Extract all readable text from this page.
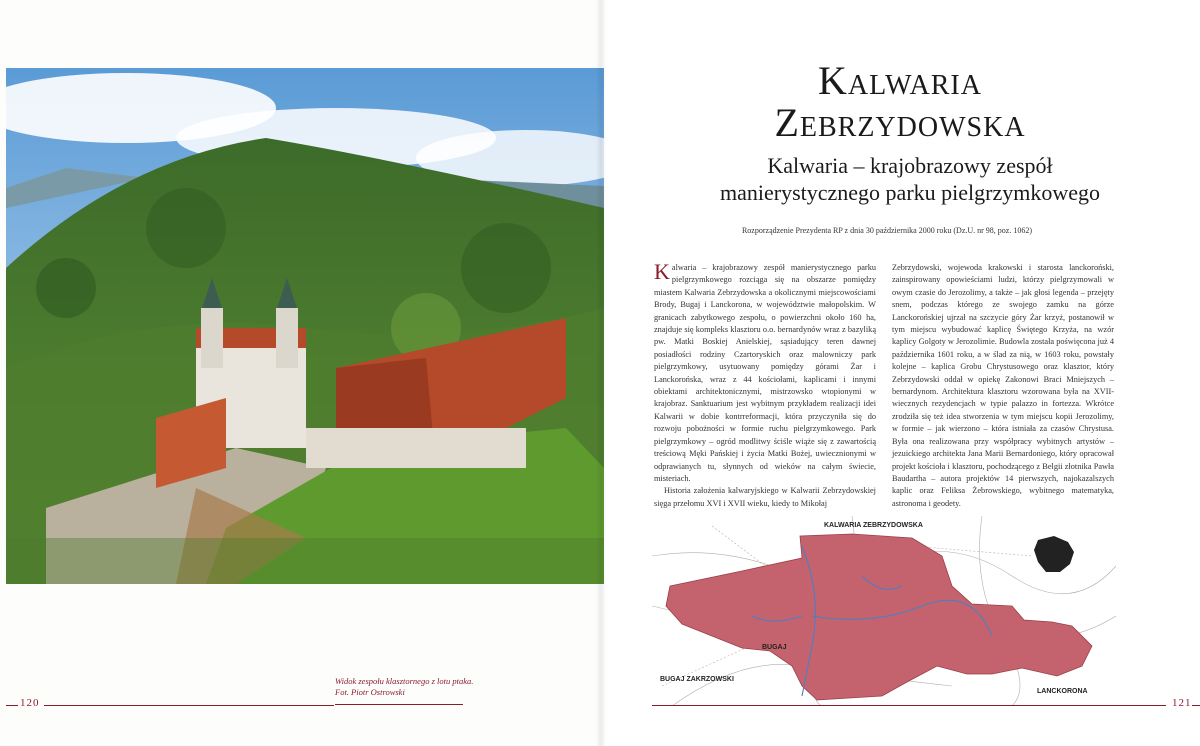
Widok zespołu klasztornego z lotu ptaka.
Fot. Piotr Ostrowski
120
Kalwaria
Zebrzydowska
Kalwaria – krajobrazowy zespół
manierystycznego parku pielgrzymkowego
Rozporządzenie Prezydenta RP z dnia 30 października 2000 roku (Dz.U. nr 98, poz. 1062)

Kalwaria – krajobrazowy zespół manierystycznego parku pielgrzymkowego rozciąga się na obszarze pomiędzy miastem Kalwaria Zebrzydowska a okolicznymi miejscowościami Brody, Bugaj i Lanckorona, w województwie małopolskim. W granicach zabytkowego zespołu, o powierzchni około 160 ha, znajduje się kompleks klasztoru o.o. bernardynów wraz z bazyliką pw. Matki Boskiej Anielskiej, sąsiadujący teren dawnej posiadłości rodziny Czartoryskich oraz malowniczy park pielgrzymkowy, usytuowany pomiędzy górami Żar i Lanckorońska, wraz z 44 kościołami, kaplicami i innymi obiektami architektonicznymi, mistrzowsko wtopionymi w krajobraz. Sanktuarium jest wybitnym przykładem realizacji idei Kalwarii w dobie kontrreformacji, która przyczyniła się do rozwoju pobożności w formie ruchu pielgrzymkowego. Park pielgrzymkowy – ogród modlitwy ściśle wiąże się z zawartością treściową Męki Pańskiej i życia Matki Bożej, uwiecznionymi w odprawianych tu, słynnych od wieków na całym świecie, misteriach.

Historia założenia kalwaryjskiego w Kalwarii Zebrzydowskiej sięga przełomu XVI i XVII wieku, kiedy to Mikołaj

Zebrzydowski, wojewoda krakowski i starosta lanckoroński, zainspirowany opowieściami ludzi, którzy pielgrzymowali w owym czasie do Jerozolimy, a także – jak głosi legenda – przejęty snem, podczas którego ze swojego zamku na górze Lanckorońskiej ujrzał na szczycie góry Żar krzyż, postanowił w tym miejscu wybudować kaplicę Świętego Krzyża, na wzór kaplicy Golgoty w Jerozolimie. Budowla została poświęcona już 4 października 1601 roku, a w ślad za nią, w 1603 roku, powstały kolejne – kaplica Grobu Chrystusowego oraz klasztor, który Zebrzydowski oddał w opiekę Zakonowi Braci Mniejszych – bernardynom. Architektura klasztoru wzorowana była na XVII-wiecznych rezydencjach w typie palazzo in fortezza. Wkrótce zrodziła się też idea stworzenia w tym miejscu kopii Jerozolimy, w formie – jak wierzono – która istniała za czasów Chrystusa. Była ona realizowana przy współpracy wybitnych artystów – jezuickiego architekta Jana Marii Bernardoniego, który opracował projekt kościoła i klasztoru, pochodzącego z Belgii złotnika Pawła Baudartha – autora projektów 14 pierwszych, najokazalszych kaplic oraz Feliksa Żebrowskiego, wybitnego matematyka, astronoma i geodety.

KALWARIA ZEBRZYDOWSKA
BUGAJ
BUGAJ ZAKRZOWSKI
LANCKORONA
121
